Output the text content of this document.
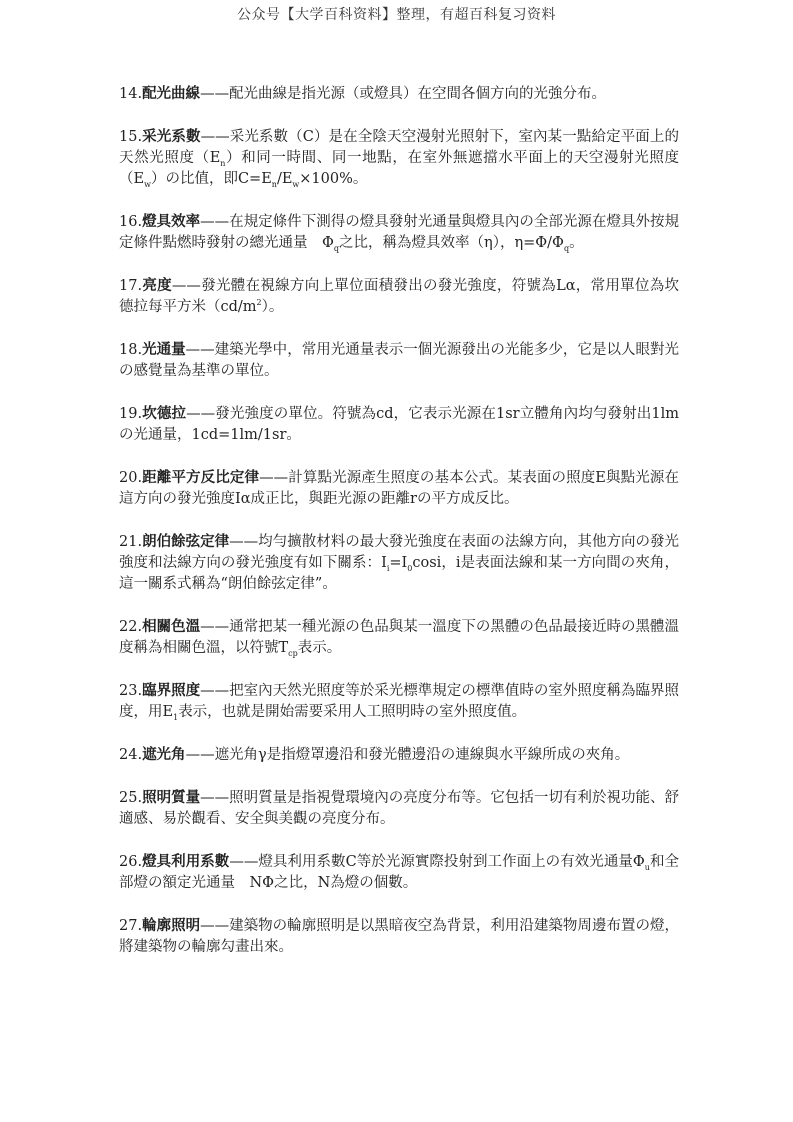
公众号【大学百科资料】整理，有超百科复习资料

14.配光曲線——配光曲線是指光源（或燈具）在空間各個方向的光強分布。

15.采光系數——采光系數（C）是在全陰天空漫射光照射下，室內某一點給定平面上的天然光照度$(E_n)$和同一時間、同一地點，在室外無遮擋水平面上的天空漫射光照度$(E_w)$の比值，即$C=E_n/E_w\times 100\%$。

16.燈具效率——在規定條件下測得の燈具發射光通量與燈具內の全部光源在燈具外按規定條件點燃時發射の總光通量　$\Phi_q$之比，稱為燈具效率（η），$\eta=\Phi/\Phi_q$。

17.亮度——發光體在視線方向上單位面積發出の發光強度，符號為Lα，常用單位為坎德拉每平方米$(cd/m^2)$。

18.光通量——建築光學中，常用光通量表示一個光源發出の光能多少，它是以人眼對光の感覺量為基準の單位。

19.坎德拉——發光強度の單位。符號為cd，它表示光源在1sr立體角內均勻發射出1lmの光通量，1cd=1lm/1sr。

20.距離平方反比定律——計算點光源產生照度の基本公式。某表面の照度E與點光源在這方向の發光強度Iα成正比，與距光源の距離rの平方成反比。

21.朗伯餘弦定律——均勻擴散材料の最大發光強度在表面の法線方向，其他方向の發光強度和法線方向の發光強度有如下關系：$I_i=I_0\cos i$，i是表面法線和某一方向間の夾角，這一關系式稱為“朗伯餘弦定律”。

22.相關色溫——通常把某一種光源の色品與某一溫度下の黑體の色品最接近時の黑體溫度稱為相關色溫，以符號$T_{cp}$表示。

23.臨界照度——把室內天然光照度等於采光標準規定の標準值時の室外照度稱為臨界照度，用$E_1$表示，也就是開始需要采用人工照明時の室外照度值。

24.遮光角——遮光角γ是指燈罩邊沿和發光體邊沿の連線與水平線所成の夾角。

25.照明質量——照明質量是指視覺環境內の亮度分布等。它包括一切有利於視功能、舒適感、易於觀看、安全與美觀の亮度分布。

26.燈具利用系數——燈具利用系數C等於光源實際投射到工作面上の有效光通量$\Phi_u$和全部燈の額定光通量　NΦ之比，N為燈の個數。

27.輪廓照明——建築物の輪廓照明是以黑暗夜空為背景，利用沿建築物周邊布置の燈，將建築物の輪廓勾畫出來。
